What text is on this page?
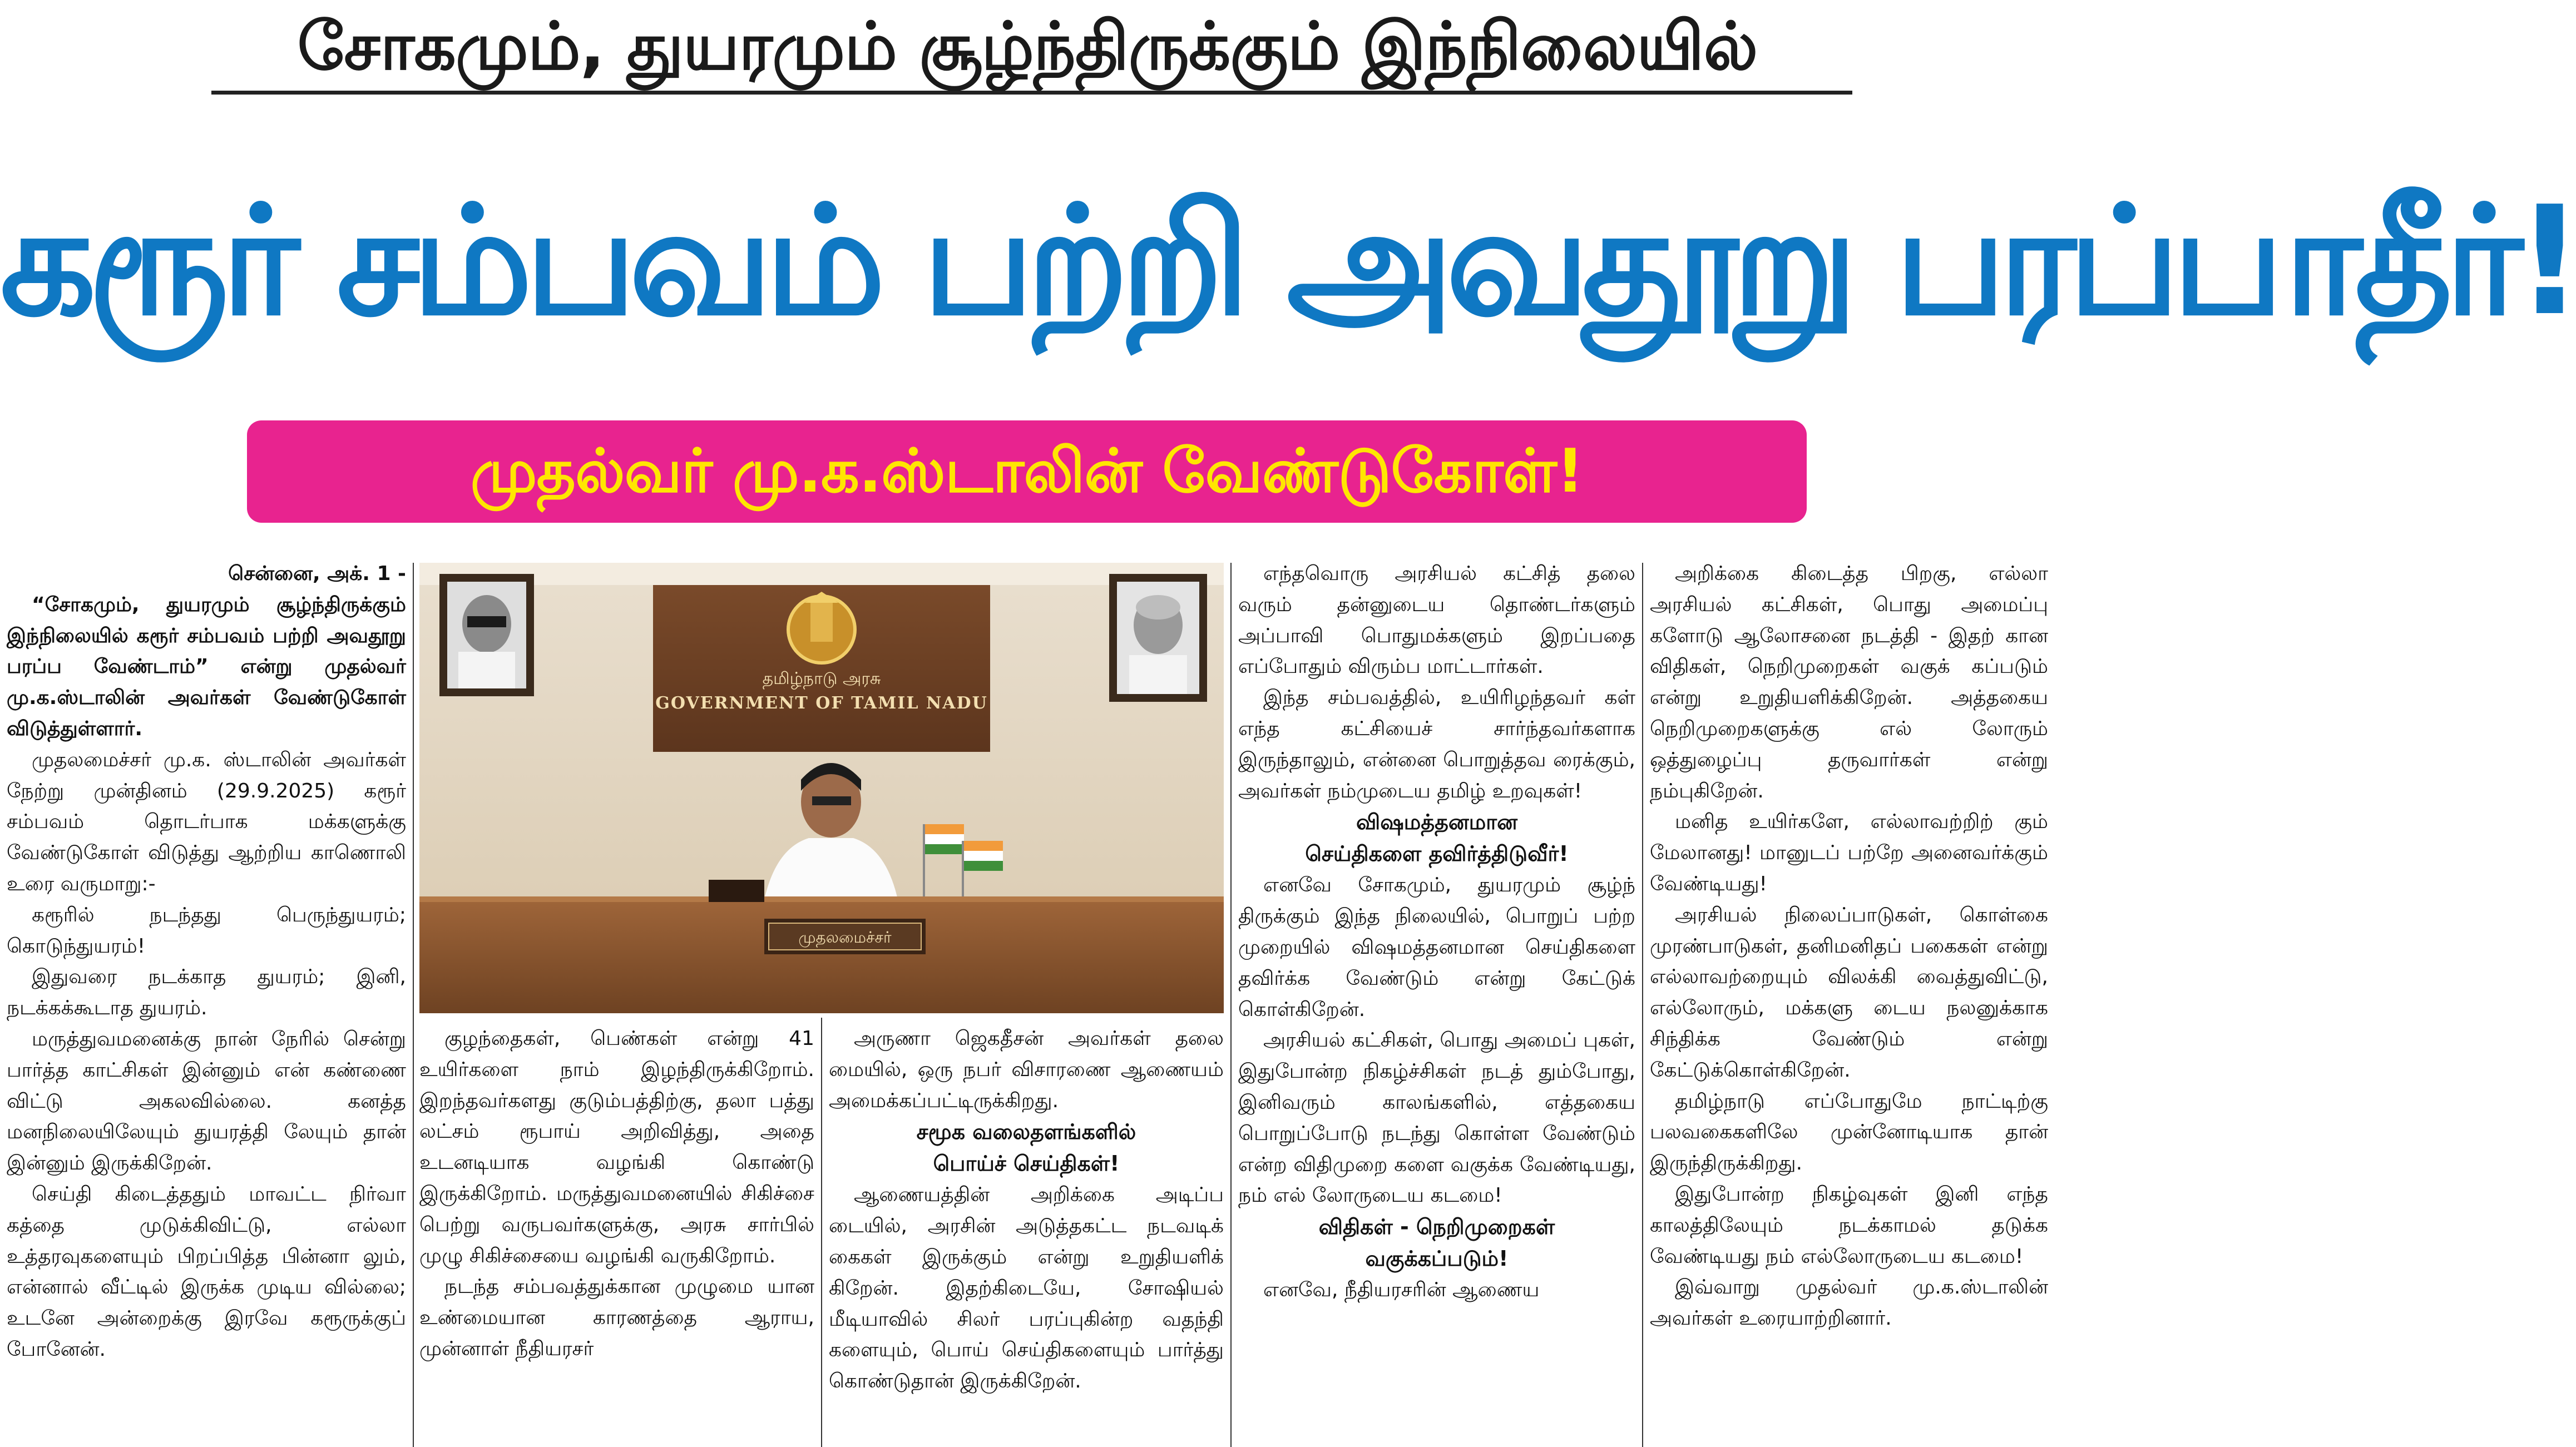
சோகமும், துயரமும் சூழ்ந்திருக்கும் இந்நிலையில்
கரூர் சம்பவம் பற்றி அவதூறு பரப்பாதீர்!
முதல்வர் மு.க.ஸ்டாலின் வேண்டுகோள்!

சென்னை, அக். 1 -

“சோகமும், துயரமும் சூழ்ந்திருக்கும் இந்நிலையில் கரூர் சம்பவம் பற்றி அவதூறு பரப்ப வேண்டாம்” என்று முதல்வர் மு.க.ஸ்டாலின் அவர்கள் வேண்டுகோள் விடுத்துள்ளார்.

முதலமைச்சர் மு.க. ஸ்டாலின் அவர்கள் நேற்று முன்தினம் (29.9.2025) கரூர் சம்பவம் தொடர்பாக மக்களுக்கு வேண்டுகோள் விடுத்து ஆற்றிய காணொலி உரை வருமாறு:-

கரூரில் நடந்தது பெருந்துயரம்; கொடுந்துயரம்!

இதுவரை நடக்காத துயரம்; இனி, நடக்கக்கூடாத துயரம்.

மருத்துவமனைக்கு நான் நேரில் சென்று பார்த்த காட்சிகள் இன்னும் என் கண்ணை விட்டு அகலவில்லை. கனத்த மனநிலையிலேயும் துயரத்தி லேயும் தான் இன்னும் இருக்கிறேன்.

செய்தி கிடைத்ததும் மாவட்ட நிர்வா கத்தை முடுக்கிவிட்டு, எல்லா உத்தரவுகளையும் பிறப்பித்த பின்னா லும், என்னால் வீட்டில் இருக்க முடிய வில்லை; உடனே அன்றைக்கு இரவே கரூருக்குப் போனேன்.

தமிழ்நாடு அரசு
GOVERNMENT OF TAMIL NADU
முதலமைச்சர்

குழந்தைகள், பெண்கள் என்று 41 உயிர்களை நாம் இழந்திருக்கிறோம். இறந்தவர்களது குடும்பத்திற்கு, தலா பத்து லட்சம் ரூபாய் அறிவித்து, அதை உடனடியாக வழங்கி கொண்டு இருக்கிறோம். மருத்துவமனையில் சிகிச்சை பெற்று வருபவர்களுக்கு, அரசு சார்பில் முழு சிகிச்சையை வழங்கி வருகிறோம்.

நடந்த சம்பவத்துக்கான முழுமை யான உண்மையான காரணத்தை ஆராய, முன்னாள் நீதியரசர்

அருணா ஜெகதீசன் அவர்கள் தலை மையில், ஒரு நபர் விசாரணை ஆணையம் அமைக்கப்பட்டிருக்கிறது.

சமூக வலைதளங்களில்
பொய்ச் செய்திகள்!

ஆணையத்தின் அறிக்கை அடிப்ப டையில், அரசின் அடுத்தகட்ட நடவடிக் கைகள் இருக்கும் என்று உறுதியளிக் கிறேன். இதற்கிடையே, சோஷியல் மீடியாவில் சிலர் பரப்புகின்ற வதந்தி களையும், பொய் செய்திகளையும் பார்த்து கொண்டுதான் இருக்கிறேன்.

எந்தவொரு அரசியல் கட்சித் தலை வரும் தன்னுடைய தொண்டர்களும் அப்பாவி பொதுமக்களும் இறப்பதை எப்போதும் விரும்ப மாட்டார்கள்.

இந்த சம்பவத்தில், உயிரிழந்தவர் கள் எந்த கட்சியைச் சார்ந்தவர்களாக இருந்தாலும், என்னை பொறுத்தவ ரைக்கும், அவர்கள் நம்முடைய தமிழ் உறவுகள்!

விஷமத்தனமான
செய்திகளை தவிர்த்திடுவீர்!

எனவே சோகமும், துயரமும் சூழ்ந் திருக்கும் இந்த நிலையில், பொறுப் பற்ற முறையில் விஷமத்தனமான செய்திகளை தவிர்க்க வேண்டும் என்று கேட்டுக் கொள்கிறேன்.

அரசியல் கட்சிகள், பொது அமைப் புகள், இதுபோன்ற நிகழ்ச்சிகள் நடத் தும்போது, இனிவரும் காலங்களில், எத்தகைய பொறுப்போடு நடந்து கொள்ள வேண்டும் என்ற விதிமுறை களை வகுக்க வேண்டியது, நம் எல் லோருடைய கடமை!

விதிகள் - நெறிமுறைகள்
வகுக்கப்படும்!

எனவே, நீதியரசரின் ஆணைய

அறிக்கை கிடைத்த பிறகு, எல்லா அரசியல் கட்சிகள், பொது அமைப்பு களோடு ஆலோசனை நடத்தி - இதற் கான விதிகள், நெறிமுறைகள் வகுக் கப்படும் என்று உறுதியளிக்கிறேன். அத்தகைய நெறிமுறைகளுக்கு எல் லோரும் ஒத்துழைப்பு தருவார்கள் என்று நம்புகிறேன்.

மனித உயிர்களே, எல்லாவற்றிற் கும் மேலானது! மானுடப் பற்றே அனைவர்க்கும் வேண்டியது!

அரசியல் நிலைப்பாடுகள், கொள்கை முரண்பாடுகள், தனிமனிதப் பகைகள் என்று எல்லாவற்றையும் விலக்கி வைத்துவிட்டு, எல்லோரும், மக்களு டைய நலனுக்காக சிந்திக்க வேண்டும் என்று கேட்டுக்கொள்கிறேன்.

தமிழ்நாடு எப்போதுமே நாட்டிற்கு பலவகைகளிலே முன்னோடியாக தான் இருந்திருக்கிறது.

இதுபோன்ற நிகழ்வுகள் இனி எந்த காலத்திலேயும் நடக்காமல் தடுக்க வேண்டியது நம் எல்லோருடைய கடமை!

இவ்வாறு முதல்வர் மு.க.ஸ்டாலின் அவர்கள் உரையாற்றினார்.
